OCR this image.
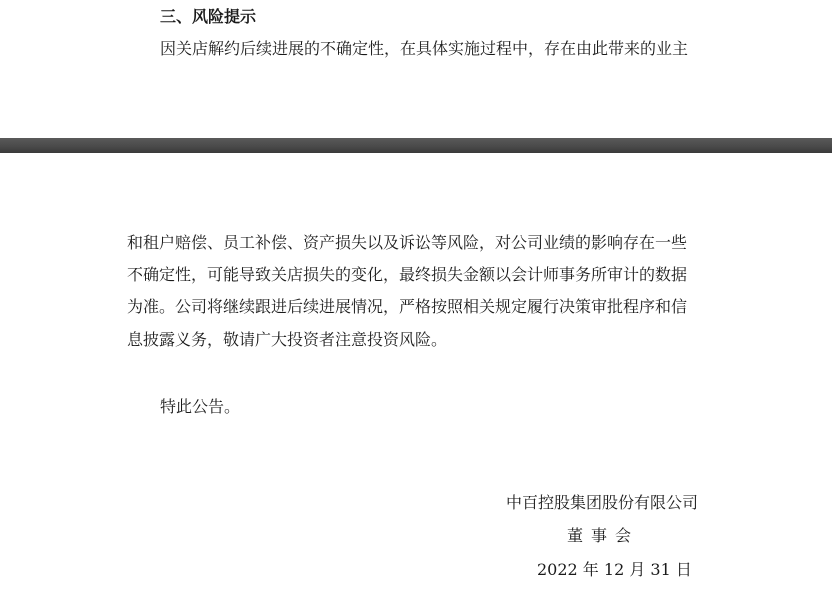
三、风险提示
因关店解约后续进展的不确定性，在具体实施过程中，存在由此带来的业主
和租户赔偿、员工补偿、资产损失以及诉讼等风险，对公司业绩的影响存在一些
不确定性，可能导致关店损失的变化，最终损失金额以会计师事务所审计的数据
为准。公司将继续跟进后续进展情况，严格按照相关规定履行决策审批程序和信
息披露义务，敬请广大投资者注意投资风险。
特此公告。
中百控股集团股份有限公司
董事会
2022 年 12 月 31 日
